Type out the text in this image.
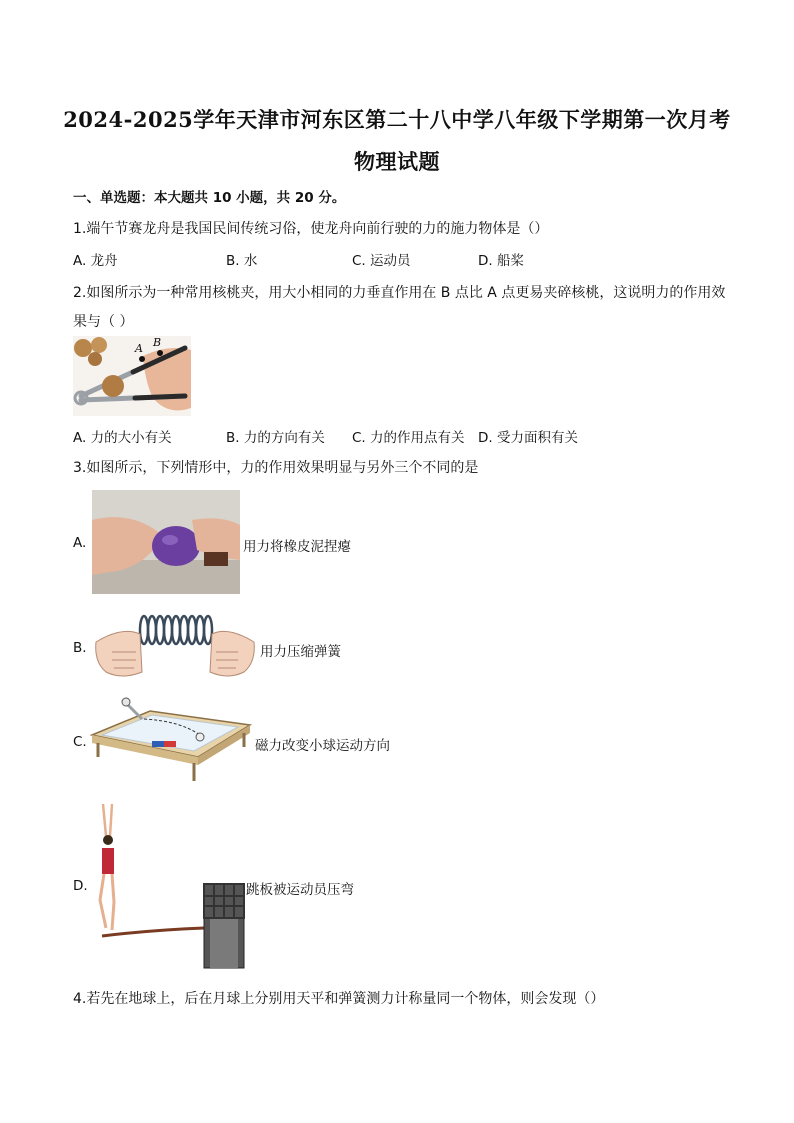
2024-2025学年天津市河东区第二十八中学八年级下学期第一次月考
物理试题
一、单选题：本大题共 10 小题，共 20 分。
1.端午节赛龙舟是我国民间传统习俗，使龙舟向前行驶的力的施力物体是（）
A. 龙舟	B. 水	C. 运动员	D. 船桨
2.如图所示为一种常用核桃夹，用大小相同的力垂直作用在 B 点比 A 点更易夹碎核桃，这说明力的作用效
果与（ ）
A B
A. 力的大小有关	B. 力的方向有关 C. 力的作用点有关 D. 受力面积有关
3.如图所示，下列情形中，力的作用效果明显与另外三个不同的是
A.	用力将橡皮泥捏瘪
B.	用力压缩弹簧
C.	磁力改变小球运动方向
D.	跳板被运动员压弯
4.若先在地球上，后在月球上分别用天平和弹簧测力计称量同一个物体，则会发现（）
